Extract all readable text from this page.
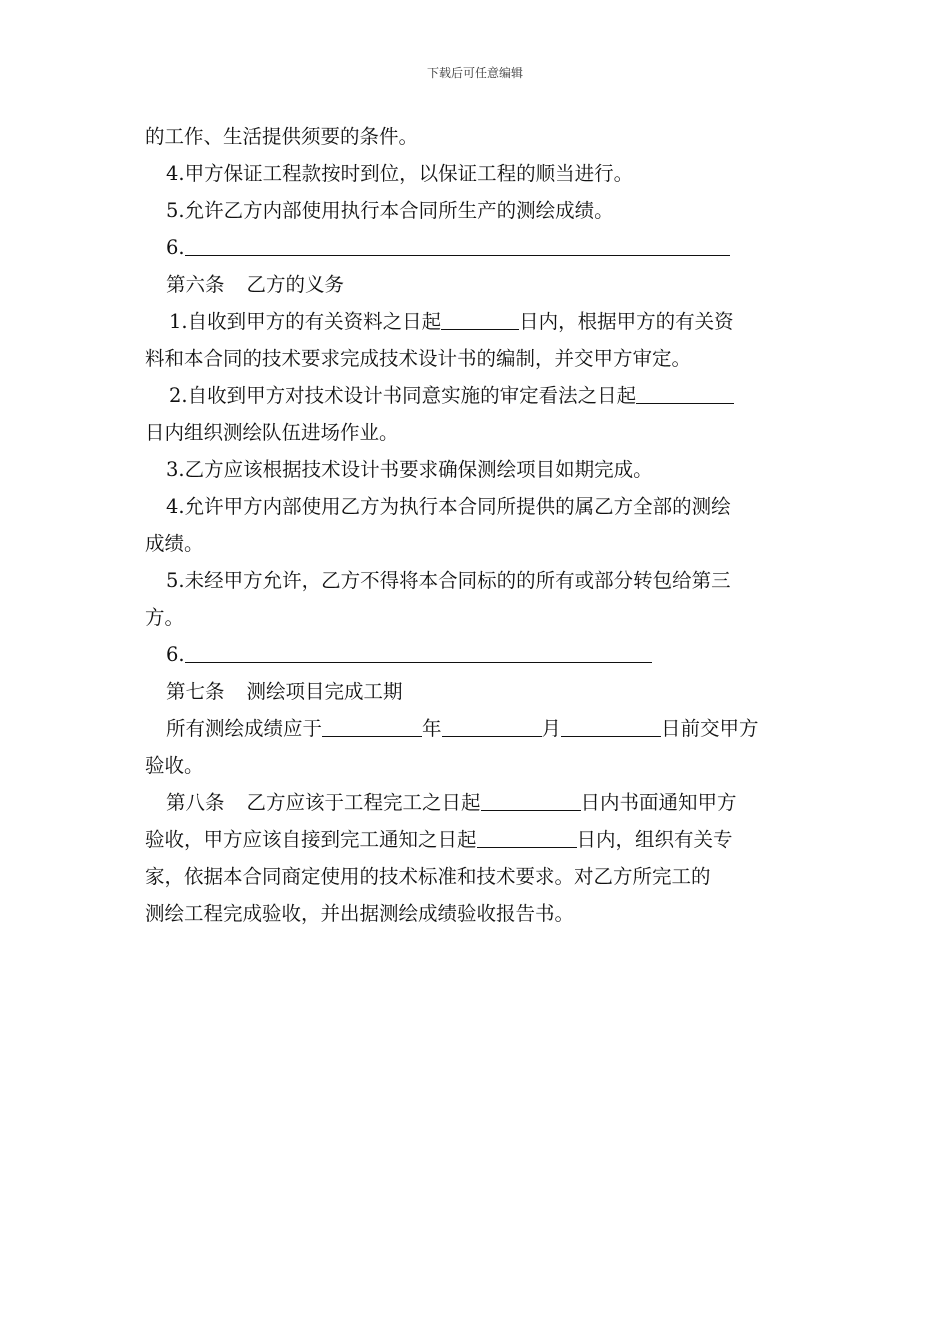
下载后可任意编辑

的工作、生活提供须要的条件。

4.甲方保证工程款按时到位，以保证工程的顺当进行。

5.允许乙方内部使用执行本合同所生产的测绘成绩。

6.

第六条 乙方的义务

1.自收到甲方的有关资料之日起	日内，根据甲方的有关资

料和本合同的技术要求完成技术设计书的编制，并交甲方审定。

2.自收到甲方对技术设计书同意实施的审定看法之日起

日内组织测绘队伍进场作业。

3.乙方应该根据技术设计书要求确保测绘项目如期完成。

4.允许甲方内部使用乙方为执行本合同所提供的属乙方全部的测绘

成绩。

5.未经甲方允许，乙方不得将本合同标的的所有或部分转包给第三

方。

6.

第七条 测绘项目完成工期

所有测绘成绩应于	年	月	日前交甲方

验收。

第八条 乙方应该于工程完工之日起	日内书面通知甲方

验收，甲方应该自接到完工通知之日起	日内，组织有关专

家，依据本合同商定使用的技术标准和技术要求。对乙方所完工的

测绘工程完成验收，并出据测绘成绩验收报告书。
